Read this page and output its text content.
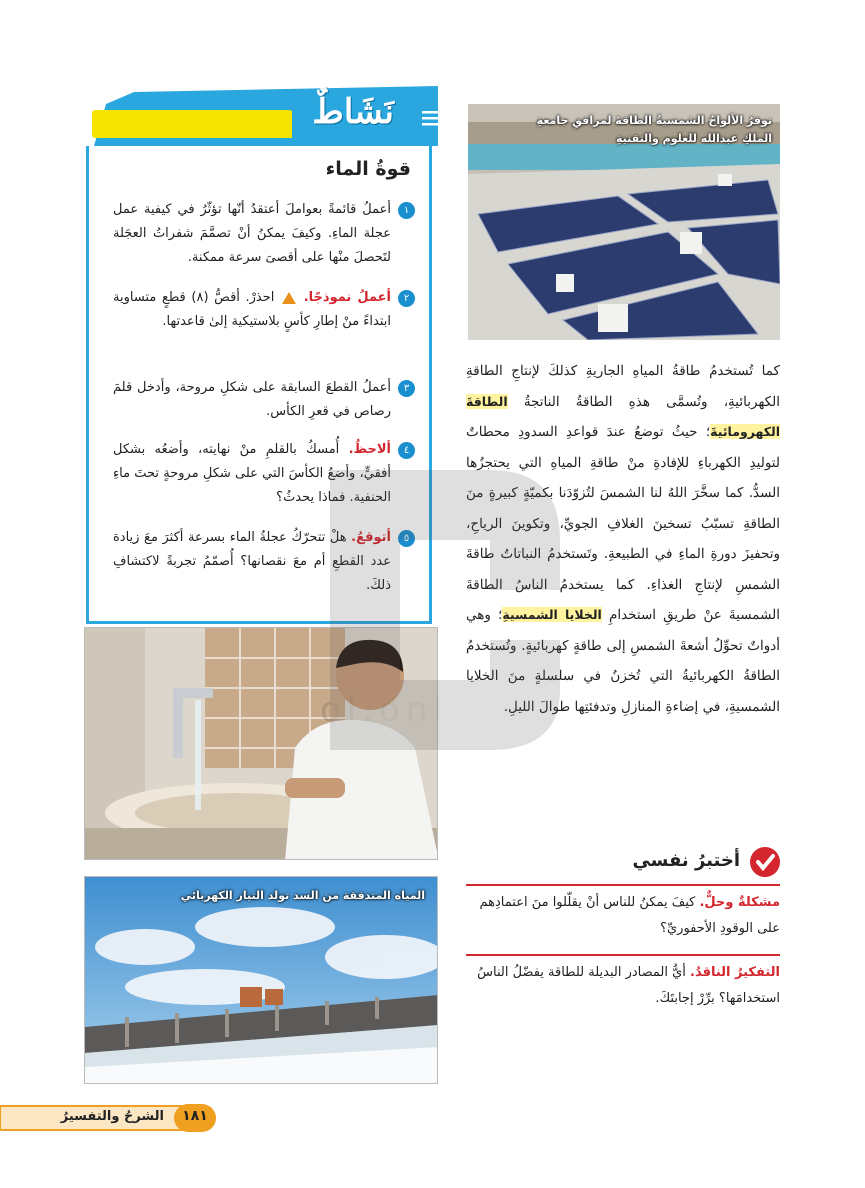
نَشَاطٌ
قوةُ الماء
١
أعملُ قائمةً بعواملَ أعتقدُ أنّها تؤثّرُ في كيفية عمل عجلة الماءِ. وكيفَ يمكنُ أنْ تصمَّمَ شفراتُ العجَلة لتَحصلَ منْها على أقصىَ سرعة ممكنة.
٢
أعملُ نموذجًا.  احذرْ. أقصُّ (٨) قطعٍ متساوية ابتداءً منْ إطارِ كأسٍ بلاستيكية إلىٰ قاعدتها.
٣
أعملُ القطعَ السابقة على شكلِ مروحة، وأدخل قلمَ رصاص في قعرِ الكأس.
٤
ألاحظُ. أُمسكُ بالقلمِ منْ نهايته، وأضعُه بشكل أفقيٍّ، وأضعُ الكأسَ التي على شكلِ مروحةٍ تحتَ ماءِ الحنفية. فماذا يحدثُ؟
٥
أتوقعُ. هلْ تتحرّكُ عجلةُ الماء بسرعة أكثرَ معَ زيادة عدد القطعِ أم معَ نقصانها؟ أُصمّمُ تجربةً لاكتشافِ ذلكَ.
توفرُ الألواحُ الشمسيةُ الطاقةَ لمرافقِ جامعةِ الملكِ عبدالله للعلوم والتقنيةِ
كما تُستخدمُ طاقةُ المياهِ الجاريةِ كذلكَ لإنتاجِ الطاقةِ الكهربائيةِ، وتُسمَّى هذهِ الطاقةُ الناتجةُ الطاقةَ الكهرومائيةَ؛ حيثُ توضعُ عندَ قواعدِ السدودِ محطاتٌ لتوليدِ الكهرباءِ للإفادةِ منْ طاقةِ المياهِ التي يحتجزُها السدُّ. كما سخَّرَ اللهُ لنا الشمسَ لتُزوّدَنا بكميّةٍ كبيرةٍ منَ الطاقةِ تسبّبُ تسخينَ الغلافِ الجويِّ، وتكوينَ الرياحِ، وتحفيزَ دورةِ الماءِ في الطبيعةِ. وتَستخدمُ النباتاتُ طاقةَ الشمسِ لإنتاجِ الغذاءِ. كما يستخدمُ الناسُ الطاقةَ الشمسيةَ عنْ طريقِ استخدامِ الخلايا الشمسيةِ؛ وهي أدواتٌ تحوِّلُ أشعةَ الشمسِ إلى طاقةٍ كهربائيةٍ. وتُستخدمُ الطاقةُ الكهربائيةُ التي تُخزنُ في سلسلةٍ منَ الخلايا الشمسيةِ، في إضاءةِ المنازلِ وتدفئتِها طوالَ الليلِ.
أختبرُ نفسي
مشكلةٌ وحلٌّ. كيفَ يمكنُ للناس أنْ يقلّلوا منَ اعتمادِهم على الوقودِ الأحفوريِّ؟
التفكيرُ الناقدُ. أيُّ المصادر البديلة للطاقة يفضّلُ الناسُ استخدامَها؟ برِّرْ إجابتَكَ.
المياه المتدفقة من السد تولد التيار الكهربائي
الشرحُ والتفسيرُ ١٨١
